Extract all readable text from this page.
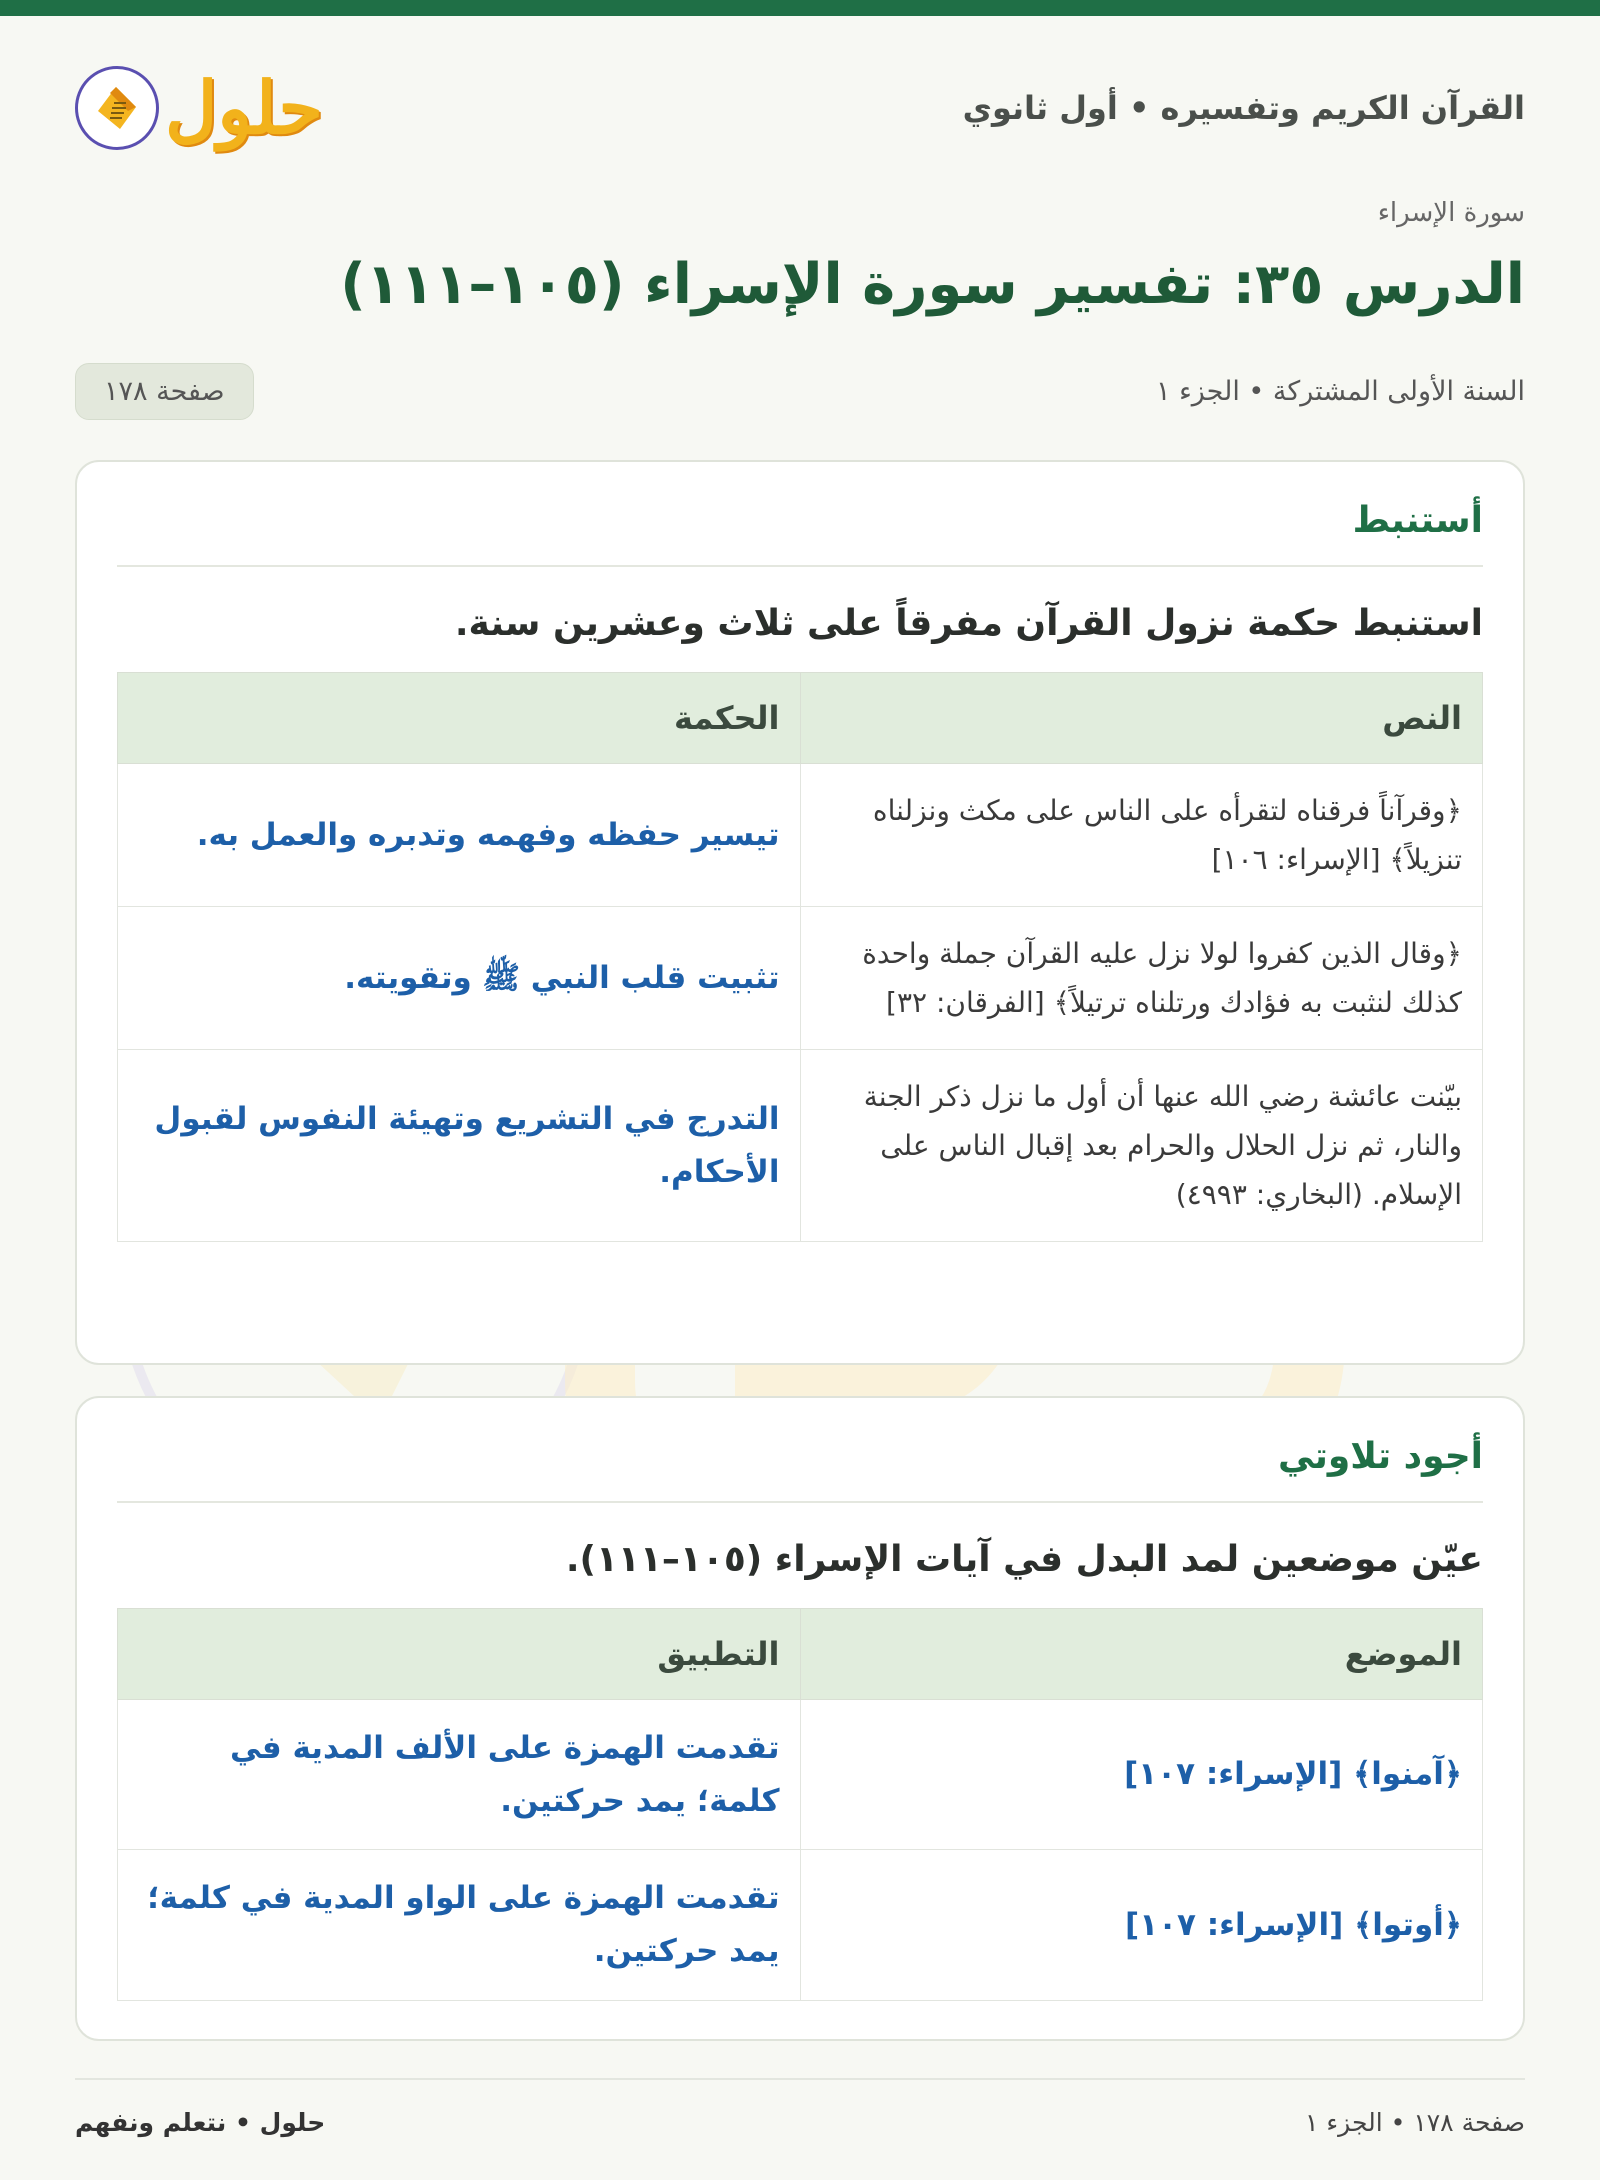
القرآن الكريم وتفسيره • أول ثانوي
حلول
سورة الإسراء
الدرس ٣٥: تفسير سورة الإسراء (١٠٥–١١١)
السنة الأولى المشتركة • الجزء ١
صفحة ١٧٨
أستنبط
استنبط حكمة نزول القرآن مفرقاً على ثلاث وعشرين سنة.
النص	الحكمة
﴿وقرآناً فرقناه لتقرأه على الناس على مكث ونزلناه تنزيلاً﴾ [الإسراء: ١٠٦]	تيسير حفظه وفهمه وتدبره والعمل به.
﴿وقال الذين كفروا لولا نزل عليه القرآن جملة واحدة كذلك لنثبت به فؤادك ورتلناه ترتيلاً﴾ [الفرقان: ٣٢]	تثبيت قلب النبي ﷺ وتقويته.
بيّنت عائشة رضي الله عنها أن أول ما نزل ذكر الجنة والنار، ثم نزل الحلال والحرام بعد إقبال الناس على الإسلام. (البخاري: ٤٩٩٣)	التدرج في التشريع وتهيئة النفوس لقبول الأحكام.
أجود تلاوتي
عيّن موضعين لمد البدل في آيات الإسراء (١٠٥–١١١).
الموضع	التطبيق
﴿آمنوا﴾ [الإسراء: ١٠٧]	تقدمت الهمزة على الألف المدية في كلمة؛ يمد حركتين.
﴿أوتوا﴾ [الإسراء: ١٠٧]	تقدمت الهمزة على الواو المدية في كلمة؛ يمد حركتين.
صفحة ١٧٨ • الجزء ١
حلول • نتعلم ونفهم
